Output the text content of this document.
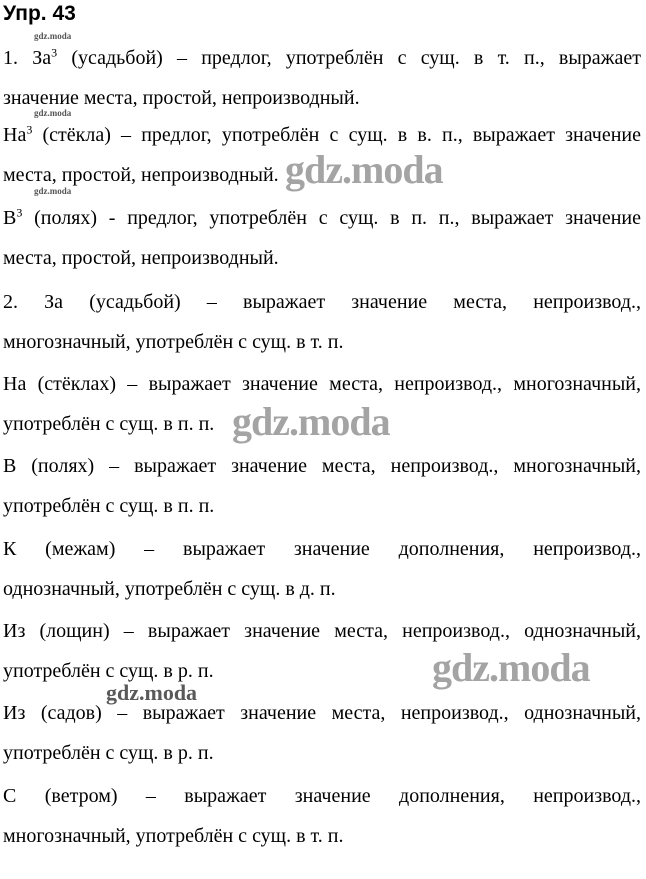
Упр. 43
1. $За^3$ (усадьбой) – предлог, употреблён с сущ. в т. п., выражает
значение места, простой, непроизводный.
$На^3$ (стёкла) – предлог, употреблён с сущ. в в. п., выражает значение
места, простой, непроизводный.
$В^3$ (полях) - предлог, употреблён с сущ. в п. п., выражает значение
места, простой, непроизводный.
2. За (усадьбой) – выражает значение места, непроизвод.,
многозначный, употреблён с сущ. в т. п.
На (стёклах) – выражает значение места, непроизвод., многозначный,
употреблён с сущ. в п. п.
В (полях) – выражает значение места, непроизвод., многозначный,
употреблён с сущ. в п. п.
К (межам) – выражает значение дополнения, непроизвод.,
однозначный, употреблён с сущ. в д. п.
Из (лощин) – выражает значение места, непроизвод., однозначный,
употреблён с сущ. в р. п.
Из (садов) – выражает значение места, непроизвод., однозначный,
употреблён с сущ. в р. п.
С (ветром) – выражает значение дополнения, непроизвод.,
многозначный, употреблён с сущ. в т. п.
gdz.moda
gdz.moda
gdz.moda	gdz.moda
gdz.moda
gdz.moda
gdz.moda
